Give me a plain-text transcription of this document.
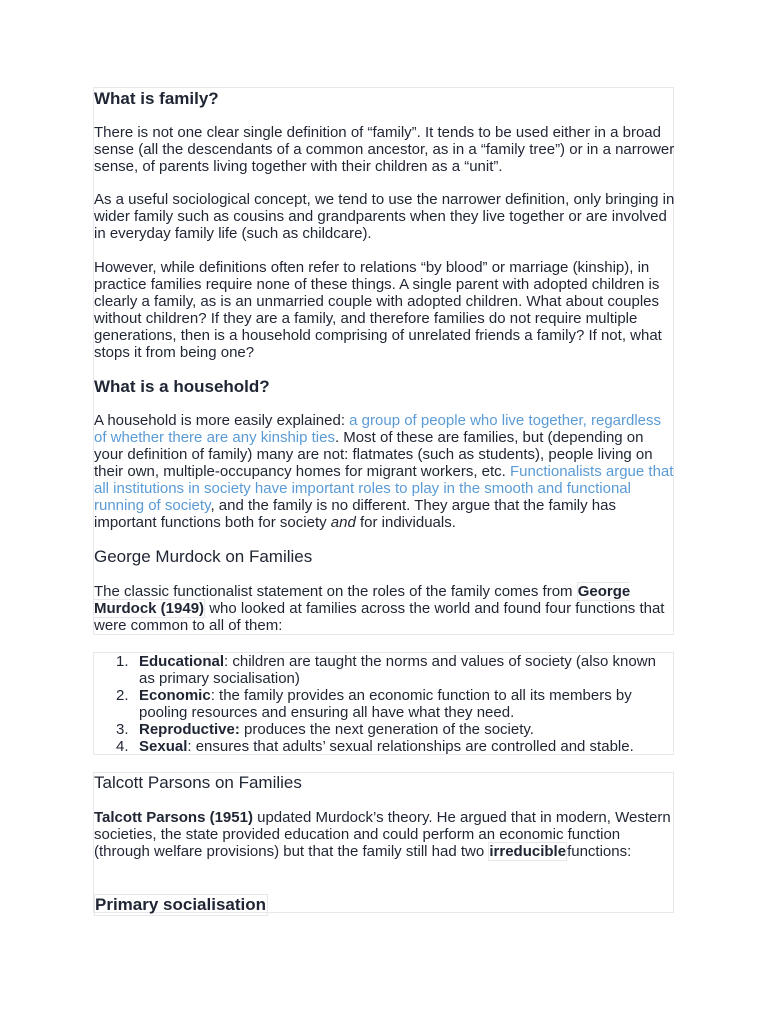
What is family?

There is not one clear single definition of “family”. It tends to be used either in a broad sense (all the descendants of a common ancestor, as in a “family tree”) or in a narrower sense, of parents living together with their children as a “unit”.

As a useful sociological concept, we tend to use the narrower definition, only bringing in wider family such as cousins and grandparents when they live together or are involved in everyday family life (such as childcare).

However, while definitions often refer to relations “by blood” or marriage (kinship), in practice families require none of these things. A single parent with adopted children is clearly a family, as is an unmarried couple with adopted children. What about couples without children? If they are a family, and therefore families do not require multiple generations, then is a household comprising of unrelated friends a family? If not, what stops it from being one?

What is a household?

A household is more easily explained: a group of people who live together, regardless of whether there are any kinship ties. Most of these are families, but (depending on your definition of family) many are not: flatmates (such as students), people living on their own, multiple-occupancy homes for migrant workers, etc. Functionalists argue that all institutions in society have important roles to play in the smooth and functional running of society, and the family is no different. They argue that the family has important functions both for society and for individuals.

George Murdock on Families

The classic functionalist statement on the roles of the family comes from George Murdock (1949) who looked at families across the world and found four functions that were common to all of them:

1. Educational: children are taught the norms and values of society (also known as primary socialisation)
2. Economic: the family provides an economic function to all its members by pooling resources and ensuring all have what they need.
3. Reproductive: produces the next generation of the society.
4. Sexual: ensures that adults’ sexual relationships are controlled and stable.
Talcott Parsons on Families

Talcott Parsons (1951) updated Murdock’s theory. He argued that in modern, Western societies, the state provided education and could perform an economic function (through welfare provisions) but that the family still had two irreduciblefunctions:

Primary socialisation
